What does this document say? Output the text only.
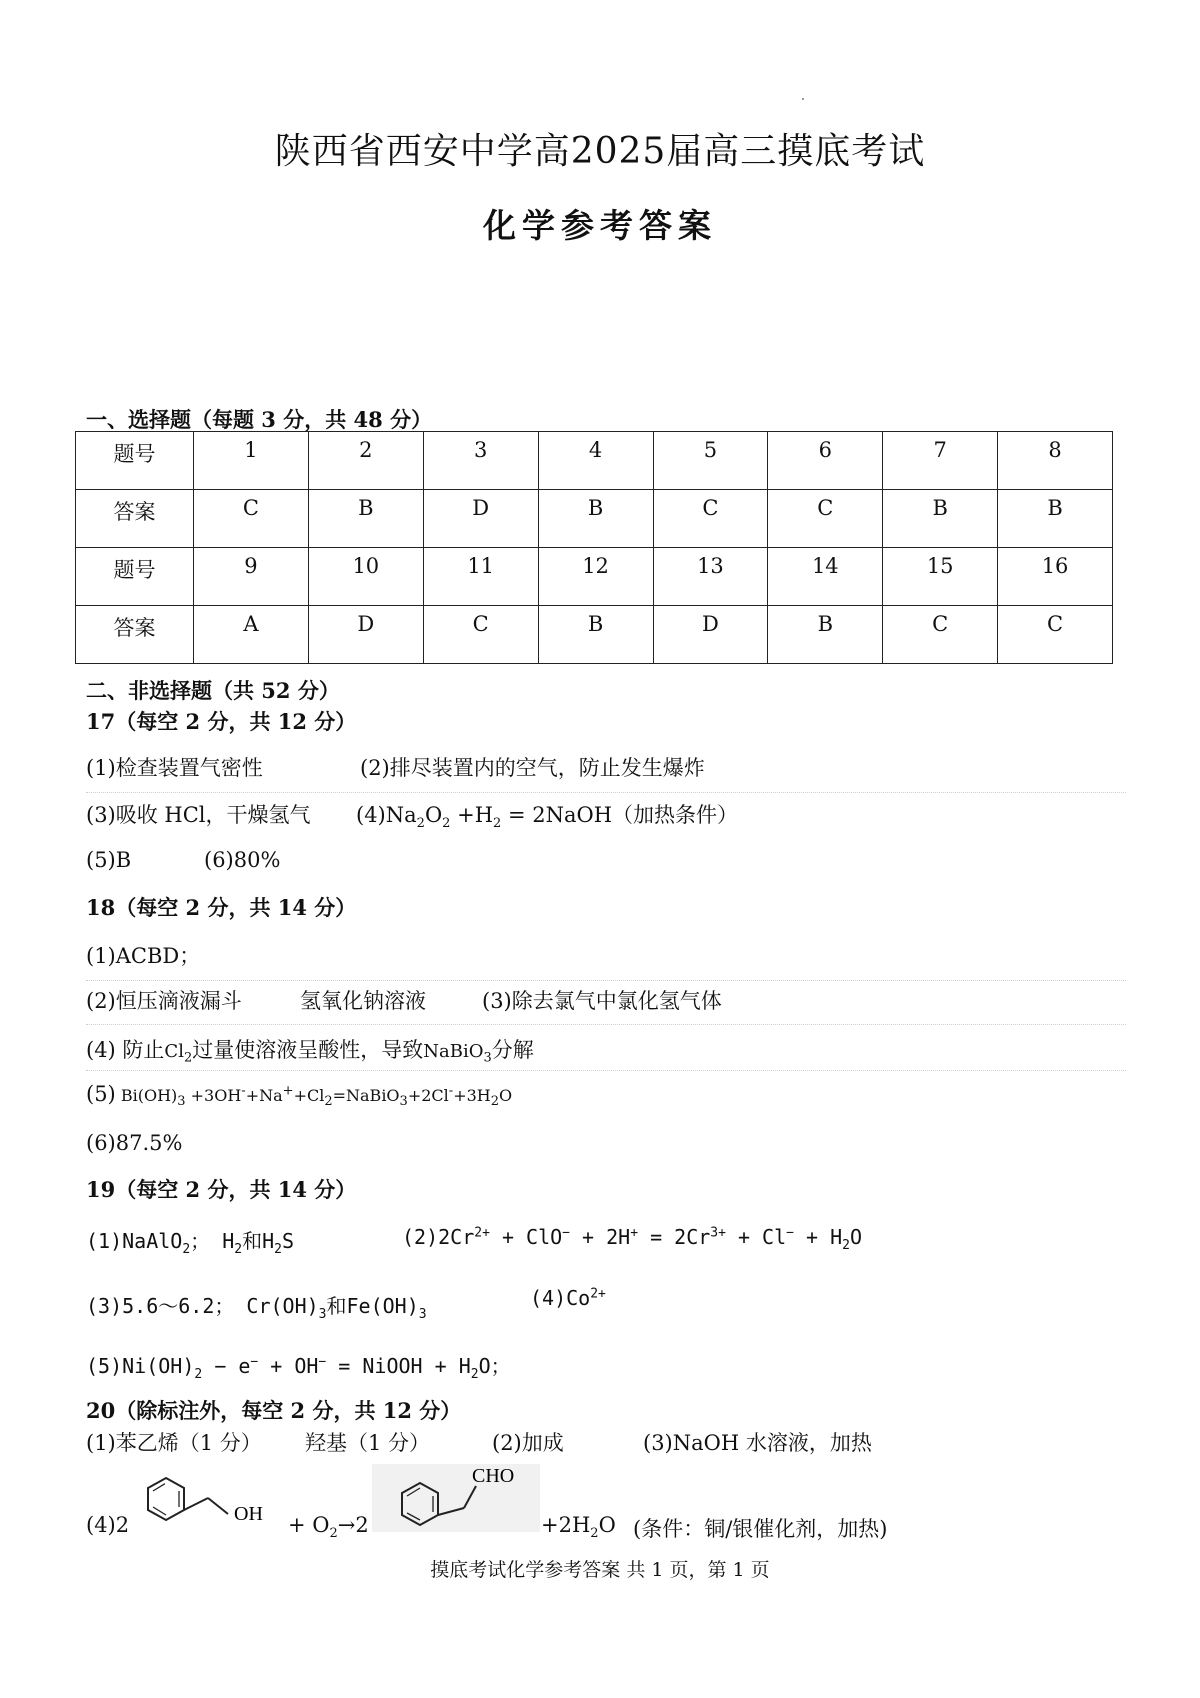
陕西省西安中学高2025届高三摸底考试
化学参考答案
一、选择题（每题 3 分，共 48 分）
题号	1	2	3	4	5	6	7	8
答案	C	B	D	B	C	C	B	B
题号	9	10	11	12	13	14	15	16
答案	A	D	C	B	D	B	C	C
二、非选择题（共 52 分）
17（每空 2 分，共 12 分）
(1)检查装置气密性	(2)排尽装置内的空气，防止发生爆炸
(3)吸收 HCl，干燥氢气 $(4)Na_2O_2 +H_2$ = 2NaOH（加热条件）
(5)B	(6)80%
18（每空 2 分，共 14 分）
(1)ACBD；
(2)恒压滴液漏斗	氢氧化钠溶液	(3)除去氯气中氯化氢气体
(4) 防止$Cl_2$过量使溶液呈酸性，导致NaBiO$_3$分解
(5) $Bi(OH)_3$ $+3OH^-+Na^++Cl_2=NaBiO_3+2Cl^-+3H_2O$
(6)87.5%
19（每空 2 分，共 14 分）
(1)NaAlO$_2$； $H_2$和$H_2S$	$(2)2Cr^{2+} + ClO^- + 2H^+ = 2Cr^{3+} + Cl^- + H_2O$
(3)5.6～6.2； $Cr(OH)_3$和$Fe(OH)_3$
$(4)Co^{2+}$
$(5)Ni(OH)_2 - e^- + OH^-$ = NiOOH + $H_2O$；
20（除标注外，每空 2 分，共 12 分）
(1)苯乙烯（1 分） 羟基（1 分）	(2)加成	(3)NaOH 水溶液，加热
(4)2	OH + $O_2\to 2$
CHO
$+2H_2O$ (条件：铜/银催化剂，加热)
摸底考试化学参考答案 共 1 页，第 1 页
